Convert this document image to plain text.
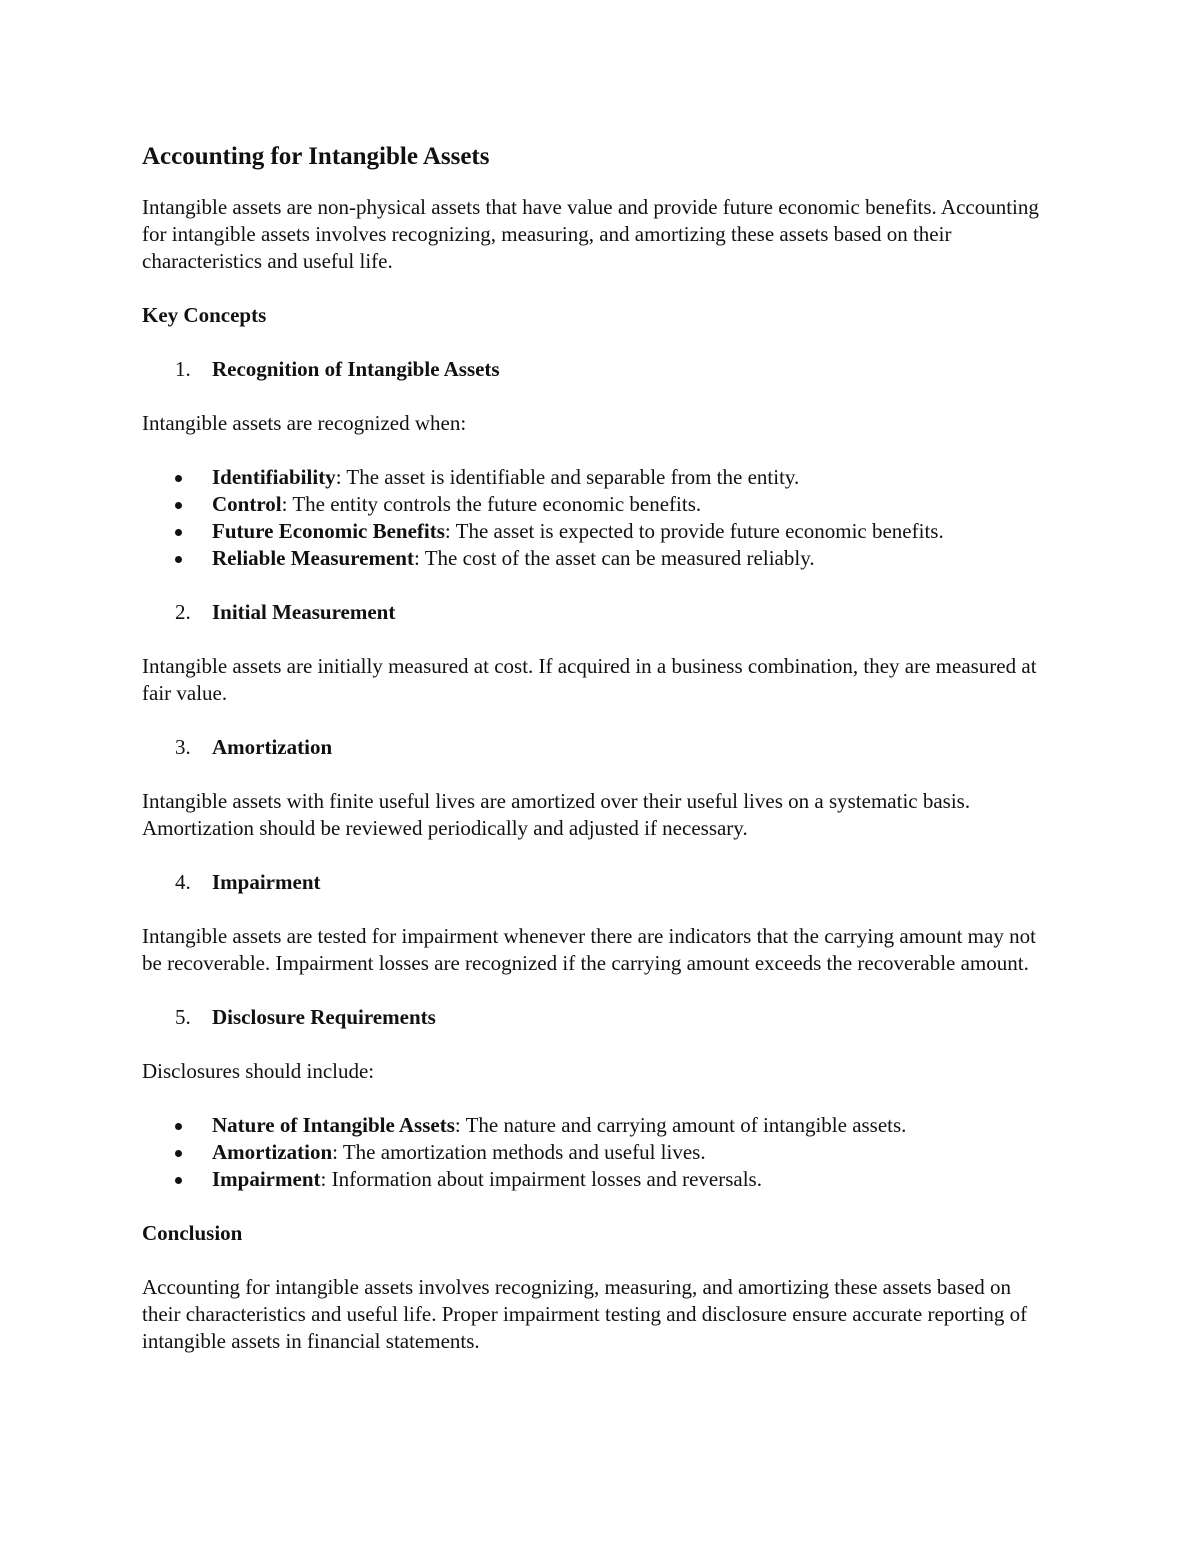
Accounting for Intangible Assets

Intangible assets are non-physical assets that have value and provide future economic benefits. Accounting for intangible assets involves recognizing, measuring, and amortizing these assets based on their characteristics and useful life.

Key Concepts

1. Recognition of Intangible Assets

Intangible assets are recognized when:

Identifiability: The asset is identifiable and separable from the entity.
Control: The entity controls the future economic benefits.
Future Economic Benefits: The asset is expected to provide future economic benefits.
Reliable Measurement: The cost of the asset can be measured reliably.
2. Initial Measurement

Intangible assets are initially measured at cost. If acquired in a business combination, they are measured at fair value.

3. Amortization

Intangible assets with finite useful lives are amortized over their useful lives on a systematic basis. Amortization should be reviewed periodically and adjusted if necessary.

4. Impairment

Intangible assets are tested for impairment whenever there are indicators that the carrying amount may not be recoverable. Impairment losses are recognized if the carrying amount exceeds the recoverable amount.

5. Disclosure Requirements

Disclosures should include:

Nature of Intangible Assets: The nature and carrying amount of intangible assets.
Amortization: The amortization methods and useful lives.
Impairment: Information about impairment losses and reversals.

Conclusion

Accounting for intangible assets involves recognizing, measuring, and amortizing these assets based on their characteristics and useful life. Proper impairment testing and disclosure ensure accurate reporting of intangible assets in financial statements.
